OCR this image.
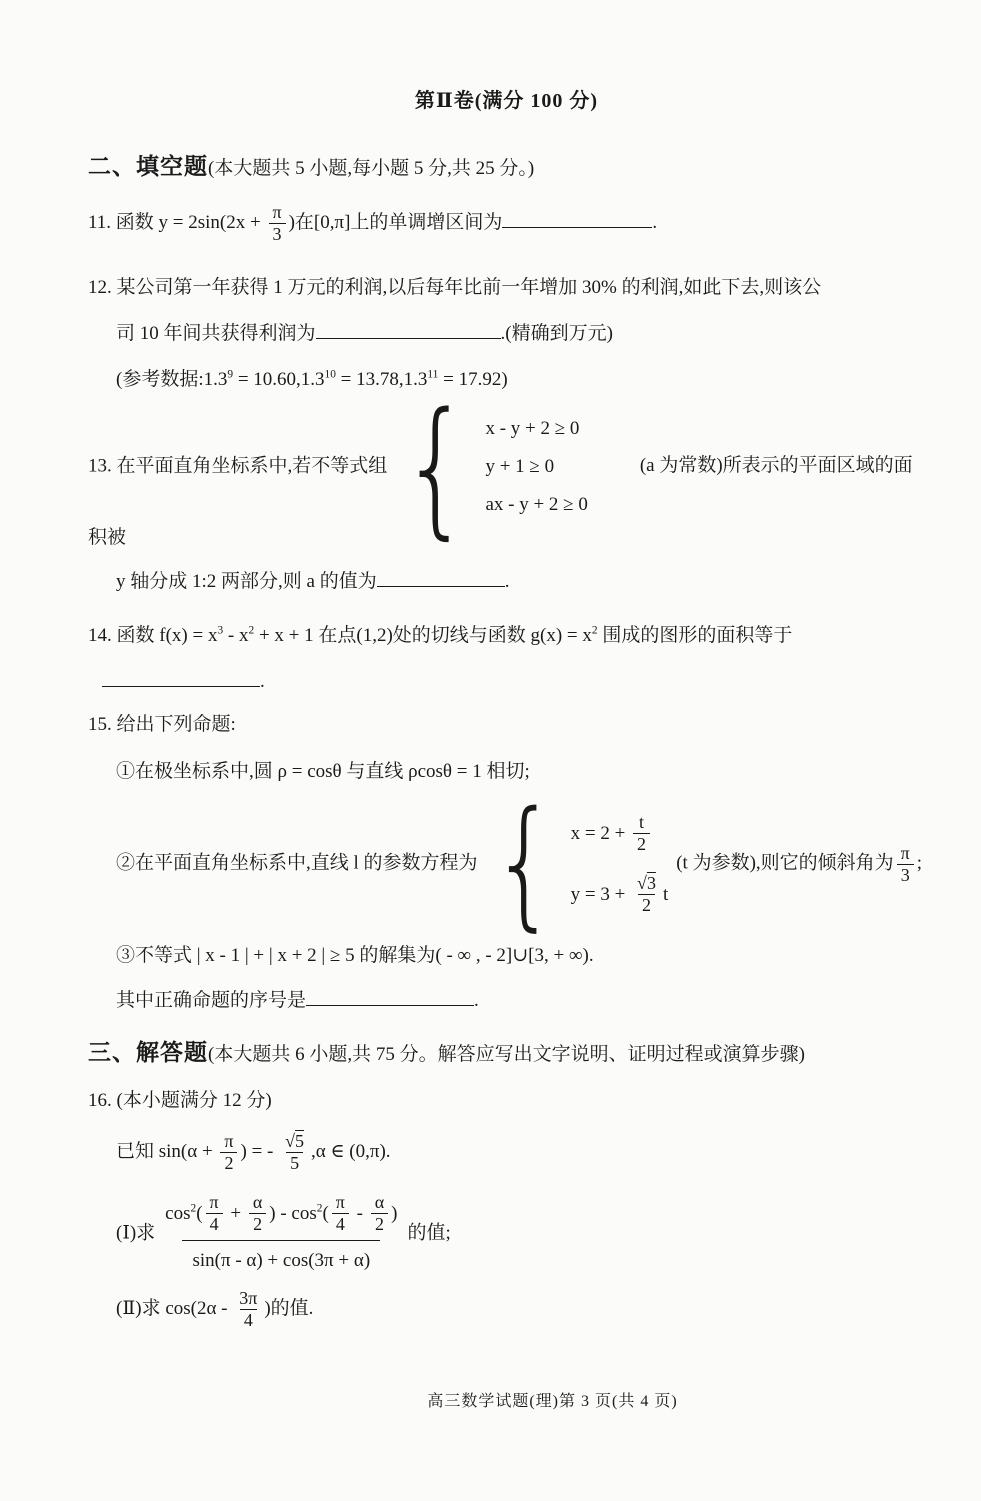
第Ⅱ卷(满分 100 分)
二、填空题(本大题共 5 小题,每小题 5 分,共 25 分。)
11. 函数 $y = 2\sin(2x + \frac{\pi}{3}$ )在[0,π]上的单调增区间为	.
12. 某公司第一年获得 1 万元的利润,以后每年比前一年增加 30% 的利润,如此下去,则该公
司 10 年间共获得利润为	.(精确到万元)
(参考数据$:1.3^9 = 10.60,1.3^{10} = 13.78,1.3^{11} = 17.92$)
13. 在平面直角坐标系中,若不等式组 { x - y + 2 ≥ 0
y + 1 ≥ 0
ax - y + 2 ≥ 0
(a 为常数)所表示的平面区域的面积被
y 轴分成 1:2 两部分,则 a 的值为	.
14. 函数 $f(x) = x^3 - x^2 + x + 1$ 在点(1,2)处的切线与函数 $g(x) = x^2$ 围成的图形的面积等于
.
15. 给出下列命题:
①在极坐标系中,圆 ρ = cosθ 与直线 ρcosθ = 1 相切;
②在平面直角坐标系中,直线 l 的参数方程为 { $x = 2 + \frac{t}{2}$
$y = 3 + \frac{√3}{2}$ t
(t 为参数),则它的倾斜角为 $\frac{\pi}{3}$ ;
③不等式 | x - 1 | + | x + 2 | ≥ 5 的解集为( - ∞ , - 2]∪[3, + ∞).
其中正确命题的序号是	.
三、解答题(本大题共 6 小题,共 75 分。解答应写出文字说明、证明过程或演算步骤)
16. (本小题满分 12 分)
已知 $\sin(\alpha + \frac{\pi}{2}$ ) = - $\frac{√5}{5} ,\alpha$ ∈ (0,π).
(Ⅰ)求 $\frac{\cos^2( \frac{\pi}{4} + \frac{\alpha}{2} ) - \cos^2( \frac{\pi}{4} - \frac{\alpha}{2} )}{\sin(\pi - \alpha) + \cos(3\pi + \alpha)}$ 的值;
(Ⅱ)求 $\cos(2\alpha - \frac{3\pi}{4}$ )的值.
高三数学试题(理)第 3 页(共 4 页)
